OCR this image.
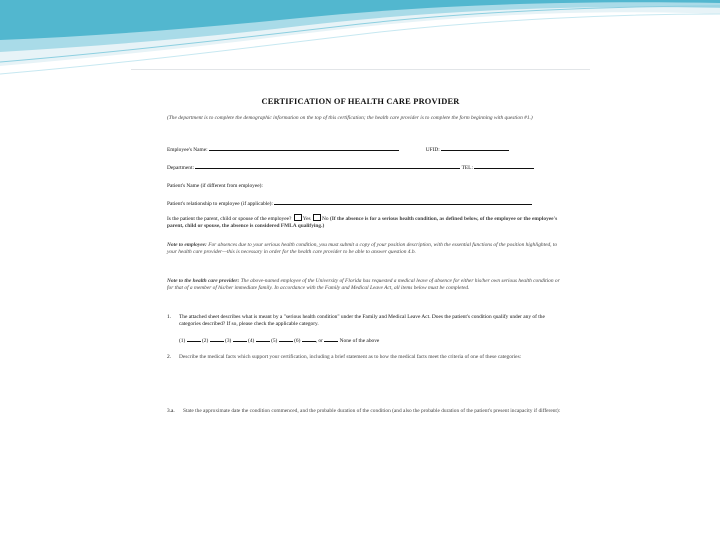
CERTIFICATION OF HEALTH CARE PROVIDER
(The department is to complete the demographic information on the top of this certification; the health care provider is to complete the form beginning with question #1.)
Employee's Name:	UFID:
Department:	TEL:
Patient's Name (if different from employee):
Patient's relationship to employee (if applicable):
Is the patient the parent, child or spouse of the employee? Yes No (If the absence is for a serious health condition, as defined below, of the employee or the employee's parent, child or spouse, the absence is considered FMLA qualifying.)
Note to employee: For absences due to your serious health condition, you must submit a copy of your position description, with the essential functions of the position highlighted, to your health care provider—this is necessary in order for the health care provider to be able to answer question 4.b.
Note to the health care provider: The above-named employee of the University of Florida has requested a medical leave of absence for either his/her own serious health condition or for that of a member of his/her immediate family. In accordance with the Family and Medical Leave Act, all items below must be completed.
1. The attached sheet describes what is meant by a "serious health condition" under the Family and Medical Leave Act. Does the patient's condition qualify under any of the categories described? If so, please check the applicable category.
(1)	(2)	(3)	(4)	(5)	(6)	, or	None of the above
2. Describe the medical facts which support your certification, including a brief statement as to how the medical facts meet the criteria of one of these categories:
3.a. State the approximate date the condition commenced, and the probable duration of the condition (and also the probable duration of the patient's present incapacity if different):
